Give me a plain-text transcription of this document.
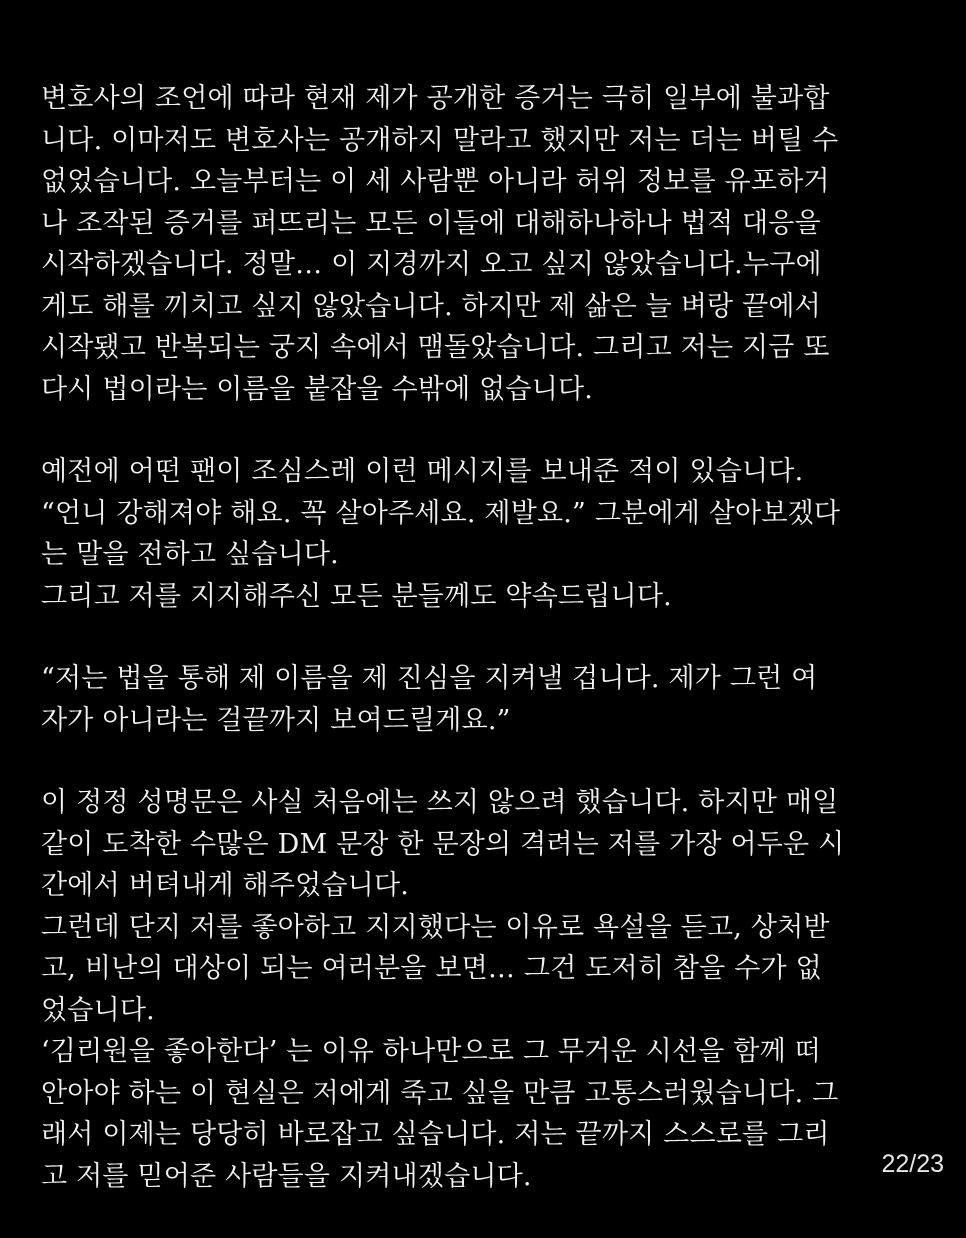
변호사의 조언에 따라 현재 제가 공개한 증거는 극히 일부에 불과합
니다. 이마저도 변호사는 공개하지 말라고 했지만 저는 더는 버틸 수
없었습니다. 오늘부터는 이 세 사람뿐 아니라 허위 정보를 유포하거
나 조작된 증거를 퍼뜨리는 모든 이들에 대해하나하나 법적 대응을
시작하겠습니다. 정말… 이 지경까지 오고 싶지 않았습니다.누구에
게도 해를 끼치고 싶지 않았습니다. 하지만 제 삶은 늘 벼랑 끝에서
시작됐고 반복되는 궁지 속에서 맴돌았습니다. 그리고 저는 지금 또
다시 법이라는 이름을 붙잡을 수밖에 없습니다.
예전에 어떤 팬이 조심스레 이런 메시지를 보내준 적이 있습니다.
“언니 강해져야 해요. 꼭 살아주세요. 제발요.” 그분에게 살아보겠다
는 말을 전하고 싶습니다.
그리고 저를 지지해주신 모든 분들께도 약속드립니다.
“저는 법을 통해 제 이름을 제 진심을 지켜낼 겁니다. 제가 그런 여
자가 아니라는 걸끝까지 보여드릴게요.”
이 정정 성명문은 사실 처음에는 쓰지 않으려 했습니다. 하지만 매일
같이 도착한 수많은 DM 문장 한 문장의 격려는 저를 가장 어두운 시
간에서 버텨내게 해주었습니다.
그런데 단지 저를 좋아하고 지지했다는 이유로 욕설을 듣고, 상처받
고, 비난의 대상이 되는 여러분을 보면… 그건 도저히 참을 수가 없
었습니다.
‘김리원을 좋아한다’ 는 이유 하나만으로 그 무거운 시선을 함께 떠
안아야 하는 이 현실은 저에게 죽고 싶을 만큼 고통스러웠습니다. 그
래서 이제는 당당히 바로잡고 싶습니다. 저는 끝까지 스스로를 그리
고 저를 믿어준 사람들을 지켜내겠습니다.	22/23
